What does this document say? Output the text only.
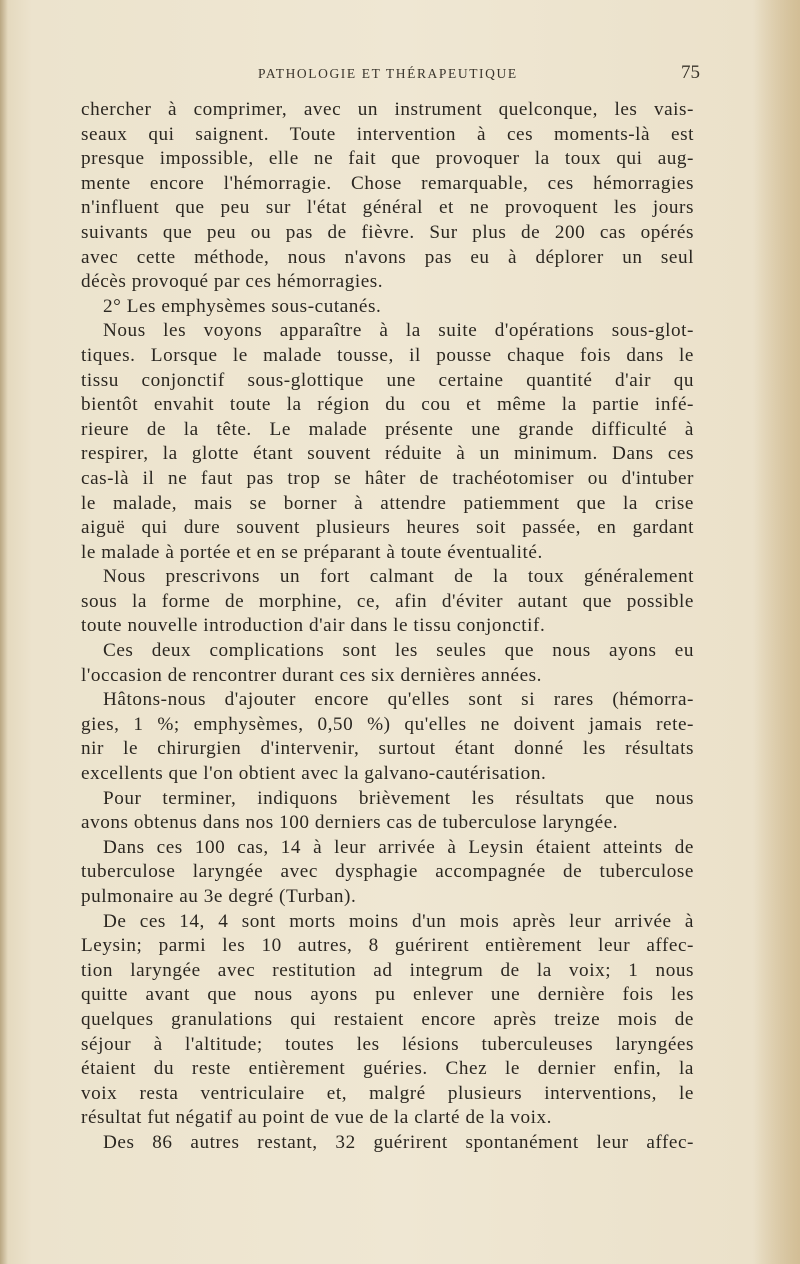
PATHOLOGIE ET THÉRAPEUTIQUE	75
chercher à comprimer, avec un instrument quelconque, les vais-
seaux qui saignent. Toute intervention à ces moments-là est
presque impossible, elle ne fait que provoquer la toux qui aug-
mente encore l'hémorragie. Chose remarquable, ces hémorragies
n'influent que peu sur l'état général et ne provoquent les jours
suivants que peu ou pas de fièvre. Sur plus de 200 cas opérés
avec cette méthode, nous n'avons pas eu à déplorer un seul
décès provoqué par ces hémorragies.
2° Les emphysèmes sous-cutanés.
Nous les voyons apparaître à la suite d'opérations sous-glot-
tiques. Lorsque le malade tousse, il pousse chaque fois dans le
tissu conjonctif sous-glottique une certaine quantité d'air qu
bientôt envahit toute la région du cou et même la partie infé-
rieure de la tête. Le malade présente une grande difficulté à
respirer, la glotte étant souvent réduite à un minimum. Dans ces
cas-là il ne faut pas trop se hâter de trachéotomiser ou d'intuber
le malade, mais se borner à attendre patiemment que la crise
aiguë qui dure souvent plusieurs heures soit passée, en gardant
le malade à portée et en se préparant à toute éventualité.
Nous prescrivons un fort calmant de la toux généralement
sous la forme de morphine, ce, afin d'éviter autant que possible
toute nouvelle introduction d'air dans le tissu conjonctif.
Ces deux complications sont les seules que nous ayons eu
l'occasion de rencontrer durant ces six dernières années.
Hâtons-nous d'ajouter encore qu'elles sont si rares (hémorra-
gies, 1 %; emphysèmes, 0,50 %) qu'elles ne doivent jamais rete-
nir le chirurgien d'intervenir, surtout étant donné les résultats
excellents que l'on obtient avec la galvano-cautérisation.
Pour terminer, indiquons brièvement les résultats que nous
avons obtenus dans nos 100 derniers cas de tuberculose laryngée.
Dans ces 100 cas, 14 à leur arrivée à Leysin étaient atteints de
tuberculose laryngée avec dysphagie accompagnée de tuberculose
pulmonaire au 3e degré (Turban).
De ces 14, 4 sont morts moins d'un mois après leur arrivée à
Leysin; parmi les 10 autres, 8 guérirent entièrement leur affec-
tion laryngée avec restitution ad integrum de la voix; 1 nous
quitte avant que nous ayons pu enlever une dernière fois les
quelques granulations qui restaient encore après treize mois de
séjour à l'altitude; toutes les lésions tuberculeuses laryngées
étaient du reste entièrement guéries. Chez le dernier enfin, la
voix resta ventriculaire et, malgré plusieurs interventions, le
résultat fut négatif au point de vue de la clarté de la voix.
Des 86 autres restant, 32 guérirent spontanément leur affec-
